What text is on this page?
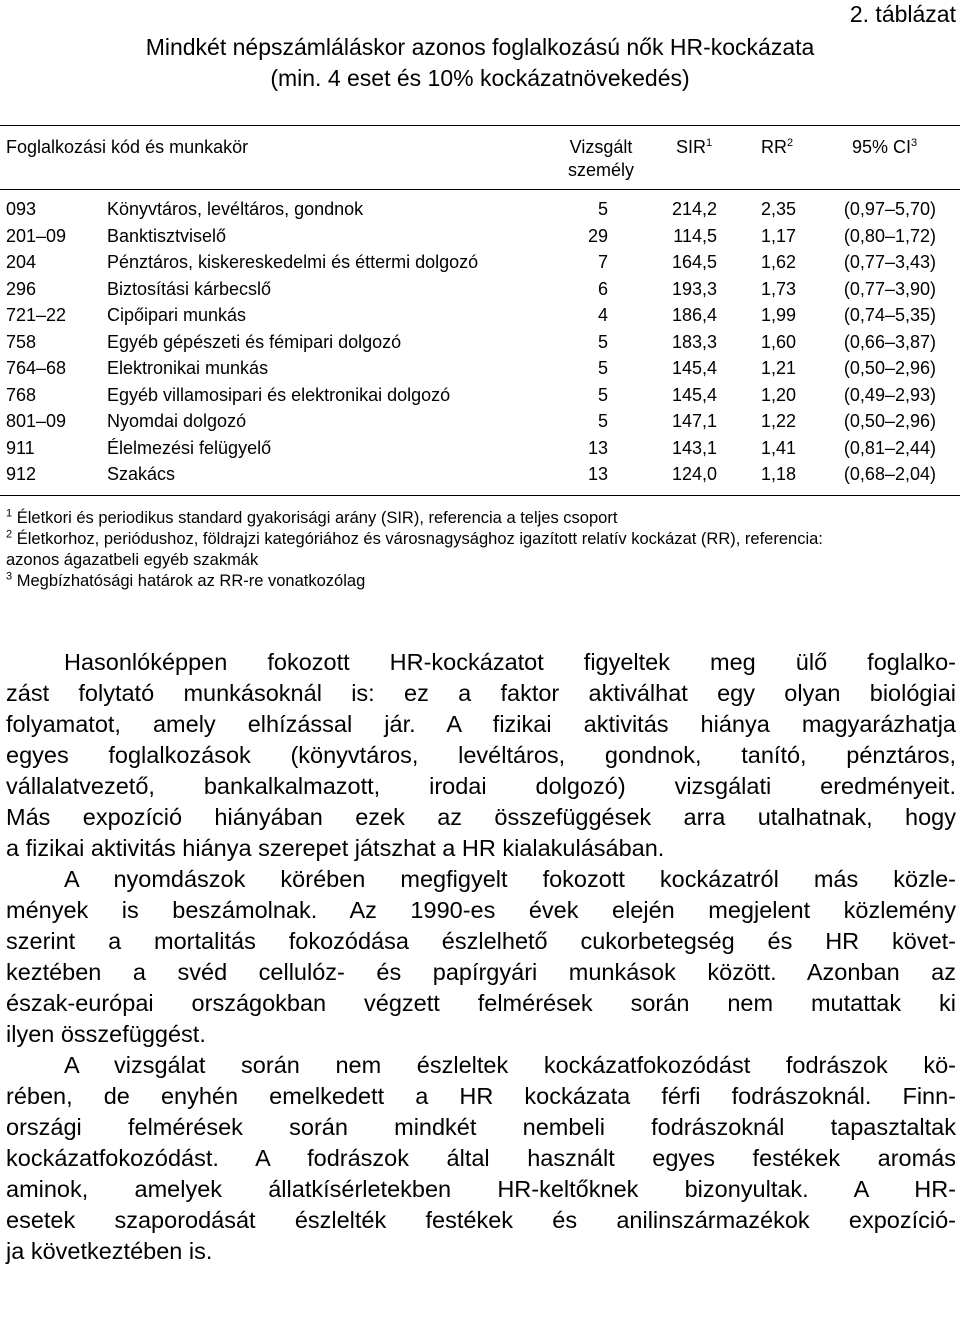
2. táblázat
Mindkét népszámláláskor azonos foglalkozású nők HR-kockázata
(min. 4 eset és 10% kockázatnövekedés)
Foglalkozási kód és munkakör	Vizsgált
személy
SIR$^1$	$RR^2$	95% $CI^3$
093	Könyvtáros, levéltáros, gondnok	5	214,2 2,35	(0,97–5,70)
201–09 Banktisztviselő	29	114,5 1,17	(0,80–1,72)
204	Pénztáros, kiskereskedelmi és éttermi dolgozó	7	164,5 1,62	(0,77–3,43)
296	Biztosítási kárbecslő	6	193,3 1,73	(0,77–3,90)
721–22 Cipőipari munkás	4	186,4 1,99	(0,74–5,35)
758	Egyéb gépészeti és fémipari dolgozó	5	183,3 1,60	(0,66–3,87)
764–68 Elektronikai munkás	5	145,4 1,21	(0,50–2,96)
768	Egyéb villamosipari és elektronikai dolgozó	5	145,4 1,20	(0,49–2,93)
801–09 Nyomdai dolgozó	5	147,1 1,22	(0,50–2,96)
911	Élelmezési felügyelő	13	143,1 1,41	(0,81–2,44)
912	Szakács	13	124,0 1,18	(0,68–2,04)
$^1$ Életkori és periodikus standard gyakorisági arány (SIR), referencia a teljes csoport
$^2$ Életkorhoz, periódushoz, földrajzi kategóriához és városnagysághoz igazított relatív kockázat (RR), referencia:
azonos ágazatbeli egyéb szakmák
$^3$ Megbízhatósági határok az RR-re vonatkozólag
Hasonlóképpen fokozott HR-kockázatot figyeltek meg ülő foglalko-
zást folytató munkásoknál is: ez a faktor aktiválhat egy olyan biológiai
folyamatot, amely elhízással jár. A fizikai aktivitás hiánya magyarázhatja
egyes foglalkozások (könyvtáros, levéltáros, gondnok, tanító, pénztáros,
vállalatvezető, bankalkalmazott, irodai dolgozó) vizsgálati eredményeit.
Más expozíció hiányában ezek az összefüggések arra utalhatnak, hogy
a fizikai aktivitás hiánya szerepet játszhat a HR kialakulásában.
A nyomdászok körében megfigyelt fokozott kockázatról más közle-
mények is beszámolnak. Az 1990-es évek elején megjelent közlemény
szerint a mortalitás fokozódása észlelhető cukorbetegség és HR követ-
keztében a svéd cellulóz- és papírgyári munkások között. Azonban az
észak-európai országokban végzett felmérések során nem mutattak ki
ilyen összefüggést.
A vizsgálat során nem észleltek kockázatfokozódást fodrászok kö-
rében, de enyhén emelkedett a HR kockázata férfi fodrászoknál. Finn-
országi felmérések során mindkét nembeli fodrászoknál tapasztaltak
kockázatfokozódást. A fodrászok által használt egyes festékek aromás
aminok, amelyek állatkísérletekben HR-keltőknek bizonyultak. A HR-
esetek szaporodását észlelték festékek és anilinszármazékok expozíció-
ja következtében is.
